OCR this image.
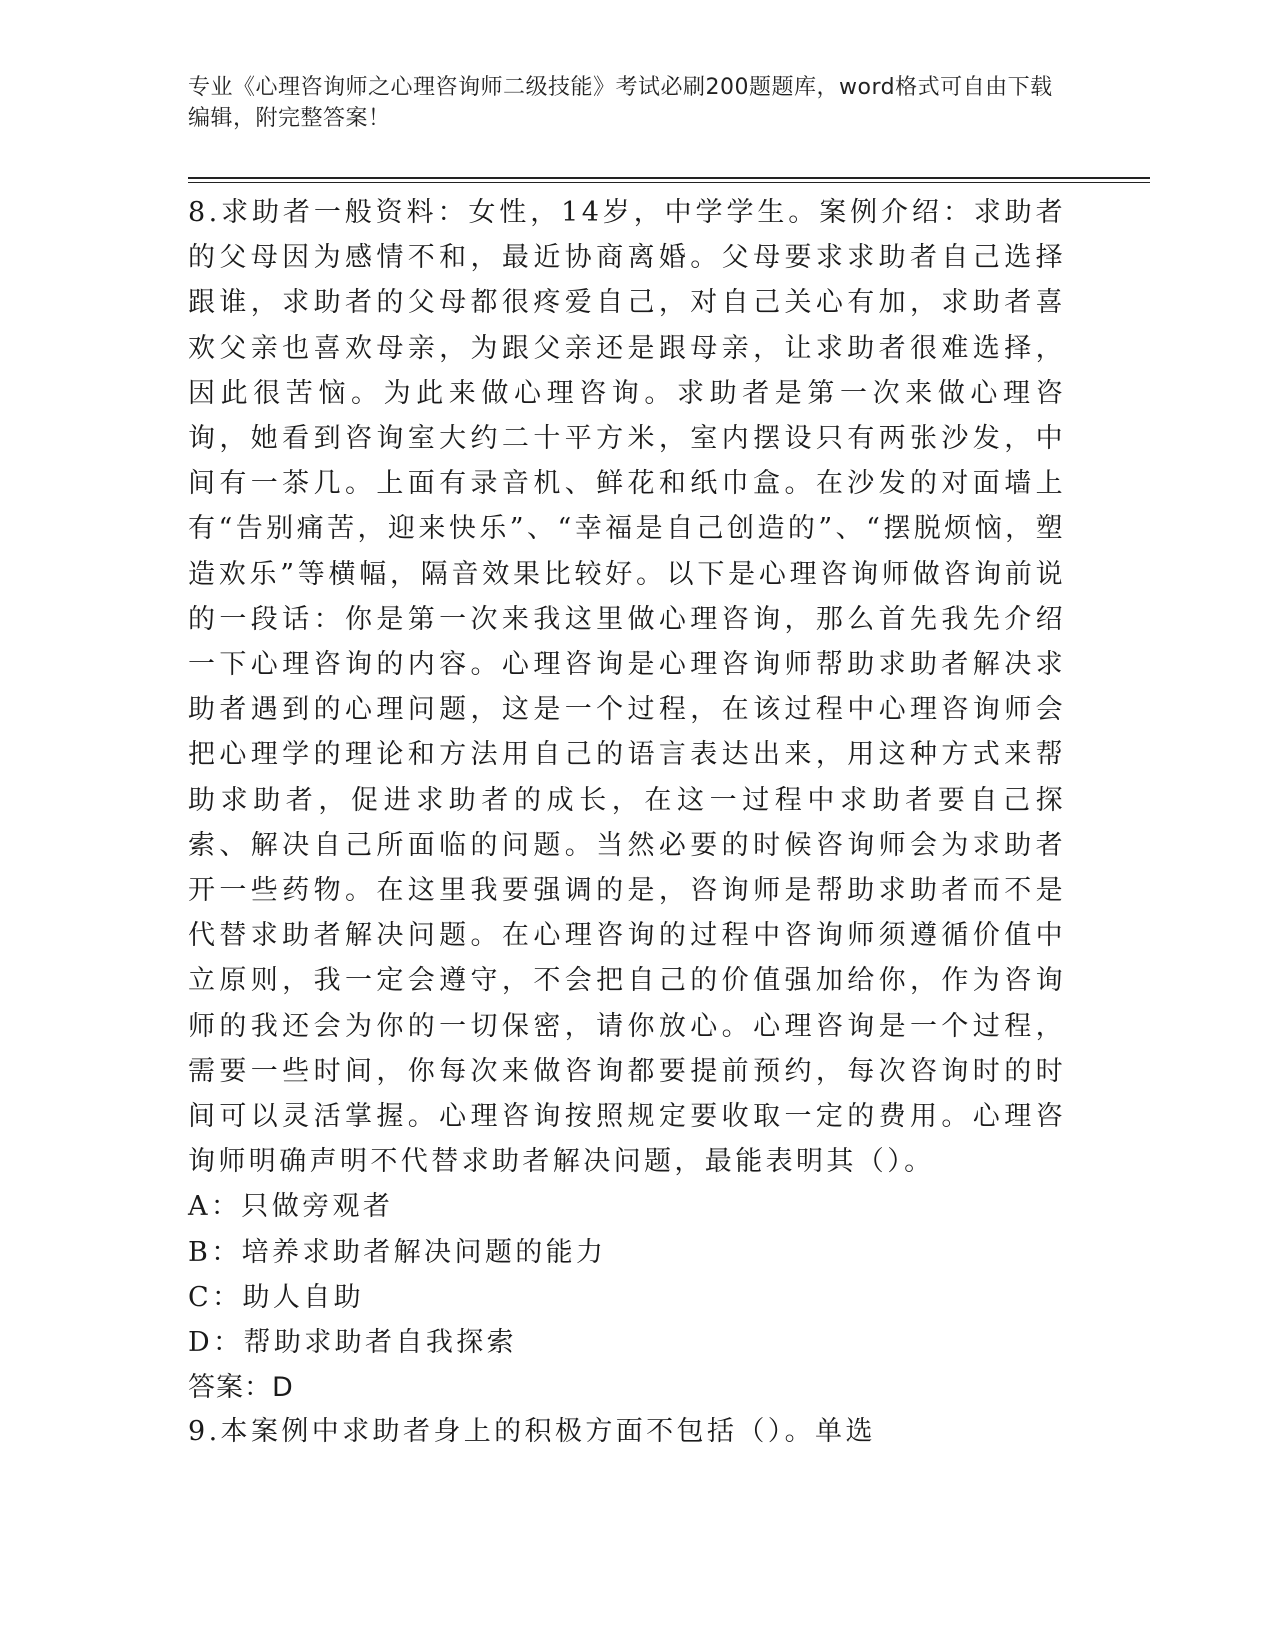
专业《心理咨询师之心理咨询师二级技能》考试必刷200题题库，word格式可自由下载编辑，附完整答案！

8.求助者一般资料：女性，14岁，中学学生。案例介绍：求助者的父母因为感情不和，最近协商离婚。父母要求求助者自己选择跟谁，求助者的父母都很疼爱自己，对自己关心有加，求助者喜欢父亲也喜欢母亲，为跟父亲还是跟母亲，让求助者很难选择，因此很苦恼。为此来做心理咨询。求助者是第一次来做心理咨询，她看到咨询室大约二十平方米，室内摆设只有两张沙发，中间有一茶几。上面有录音机、鲜花和纸巾盒。在沙发的对面墙上有“告别痛苦，迎来快乐”、“幸福是自己创造的”、“摆脱烦恼，塑造欢乐”等横幅，隔音效果比较好。以下是心理咨询师做咨询前说的一段话：你是第一次来我这里做心理咨询，那么首先我先介绍一下心理咨询的内容。心理咨询是心理咨询师帮助求助者解决求助者遇到的心理问题，这是一个过程，在该过程中心理咨询师会把心理学的理论和方法用自己的语言表达出来，用这种方式来帮助求助者，促进求助者的成长，在这一过程中求助者要自己探索、解决自己所面临的问题。当然必要的时候咨询师会为求助者开一些药物。在这里我要强调的是，咨询师是帮助求助者而不是代替求助者解决问题。在心理咨询的过程中咨询师须遵循价值中立原则，我一定会遵守，不会把自己的价值强加给你，作为咨询师的我还会为你的一切保密，请你放心。心理咨询是一个过程，需要一些时间，你每次来做咨询都要提前预约，每次咨询时的时间可以灵活掌握。心理咨询按照规定要收取一定的费用。心理咨询师明确声明不代替求助者解决问题，最能表明其（）。

A：只做旁观者
B：培养求助者解决问题的能力
C：助人自助
D：帮助求助者自我探索
答案：D
9.本案例中求助者身上的积极方面不包括（）。单选
